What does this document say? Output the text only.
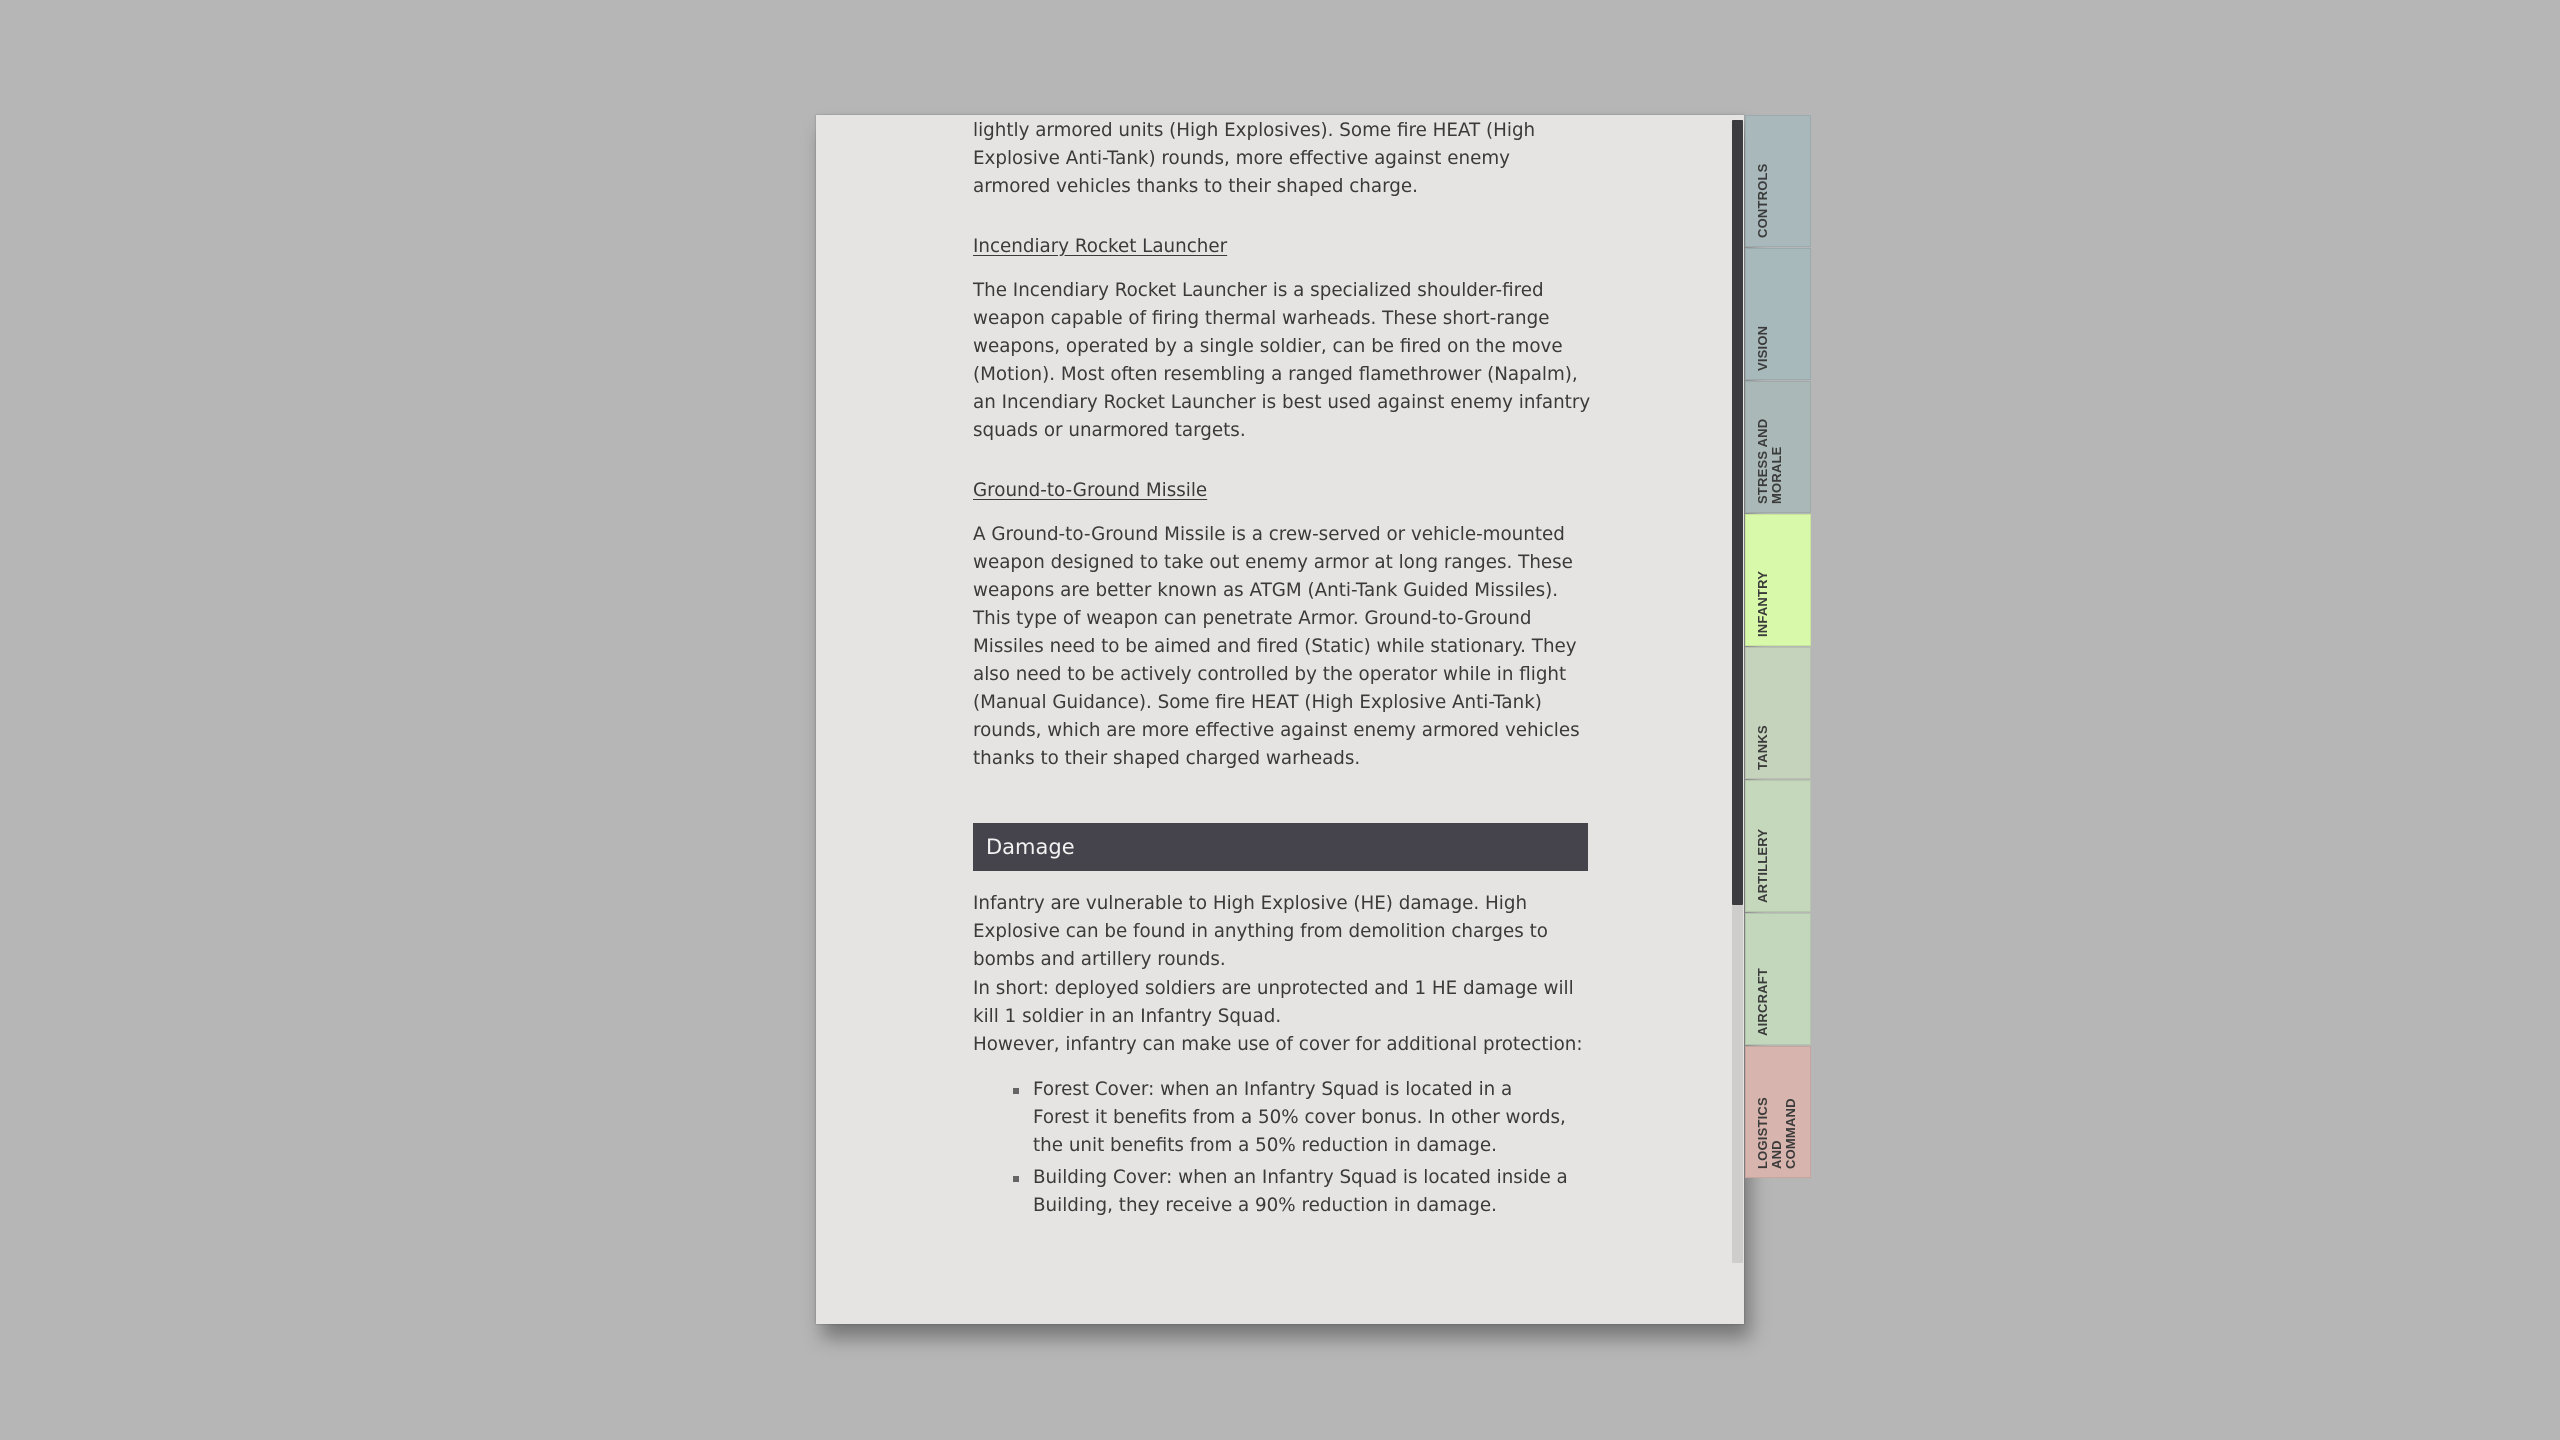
lightly armored units (High Explosives). Some fire HEAT (High Explosive Anti-Tank) rounds, more effective against enemy armored vehicles thanks to their shaped charge.

Incendiary Rocket Launcher

The Incendiary Rocket Launcher is a specialized shoulder-fired weapon capable of firing thermal warheads. These short-range weapons, operated by a single soldier, can be fired on the move (Motion). Most often resembling a ranged flamethrower (Napalm), an Incendiary Rocket Launcher is best used against enemy infantry squads or unarmored targets.

Ground-to-Ground Missile

A Ground-to-Ground Missile is a crew-served or vehicle-mounted weapon designed to take out enemy armor at long ranges. These weapons are better known as ATGM (Anti-Tank Guided Missiles). This type of weapon can penetrate Armor. Ground-to-Ground Missiles need to be aimed and fired (Static) while stationary. They also need to be actively controlled by the operator while in flight (Manual Guidance). Some fire HEAT (High Explosive Anti-Tank) rounds, which are more effective against enemy armored vehicles thanks to their shaped charged warheads.

Damage

Infantry are vulnerable to High Explosive (HE) damage. High Explosive can be found in anything from demolition charges to bombs and artillery rounds.

In short: deployed soldiers are unprotected and 1 HE damage will kill 1 soldier in an Infantry Squad.

However, infantry can make use of cover for additional protection:

Forest Cover: when an Infantry Squad is located in a Forest it benefits from a 50% cover bonus. In other words, the unit benefits from a 50% reduction in damage.
Building Cover: when an Infantry Squad is located inside a Building, they receive a 90% reduction in damage.
CONTROLS
VISION
STRESS AND MORALE
INFANTRY
TANKS
ARTILLERY
AIRCRAFT
LOGISTICS AND COMMAND
